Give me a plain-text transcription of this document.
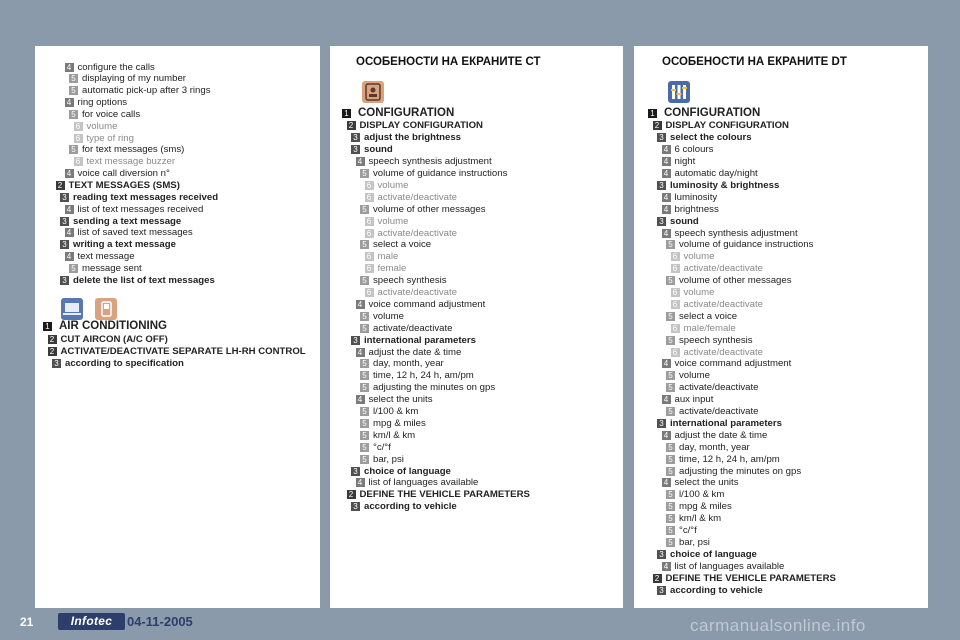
4 configure the calls
5 displaying of my number
5 automatic pick-up after 3 rings
4 ring options
5 for voice calls
6 volume
6 type of ring
5 for text messages (sms)
6 text message buzzer
4 voice call diversion n°
2 TEXT MESSAGES (SMS)
3 reading text messages received
4 list of text messages received
3 sending a text message
4 list of saved text messages
3 writing a text message
4 text message
5 message sent
3 delete the list of text messages
1 AIR CONDITIONING
2 CUT AIRCON (A/C OFF)
2 ACTIVATE/DEACTIVATE SEPARATE LH-RH CONTROL
3 according to specification
ОСОБЕНОСТИ НА ЕКРАНИТЕ СТ
1 CONFIGURATION
2 DISPLAY CONFIGURATION
3 adjust the brightness
3 sound
4 speech synthesis adjustment
5 volume of guidance instructions
6 volume
6 activate/deactivate
5 volume of other messages
6 volume
6 activate/deactivate
5 select a voice
6 male
6 female
5 speech synthesis
6 activate/deactivate
4 voice command adjustment
5 volume
5 activate/deactivate
3 international parameters
4 adjust the date & time
5 day, month, year
5 time, 12 h, 24 h, am/pm
5 adjusting the minutes on gps
4 select the units
5 l/100 & km
5 mpg & miles
5 km/l & km
5 °c/°f
5 bar, psi
3 choice of language
4 list of languages available
2 DEFINE THE VEHICLE PARAMETERS
3 according to vehicle
ОСОБЕНОСТИ НА ЕКРАНИТЕ DT
1 CONFIGURATION
2 DISPLAY CONFIGURATION
3 select the colours
4 6 colours
4 night
4 automatic day/night
3 luminosity & brightness
4 luminosity
4 brightness
3 sound
4 speech synthesis adjustment
5 volume of guidance instructions
6 volume
6 activate/deactivate
5 volume of other messages
6 volume
6 activate/deactivate
5 select a voice
6 male/female
5 speech synthesis
6 activate/deactivate
4 voice command adjustment
5 volume
5 activate/deactivate
4 aux input
5 activate/deactivate
3 international parameters
4 adjust the date & time
5 day, month, year
5 time, 12 h, 24 h, am/pm
5 adjusting the minutes on gps
4 select the units
5 l/100 & km
5 mpg & miles
5 km/l & km
5 °c/°f
5 bar, psi
3 choice of language
4 list of languages available
2 DEFINE THE VEHICLE PARAMETERS
3 according to vehicle
21	Infotec	04-11-2005	carmanualsonline.info
